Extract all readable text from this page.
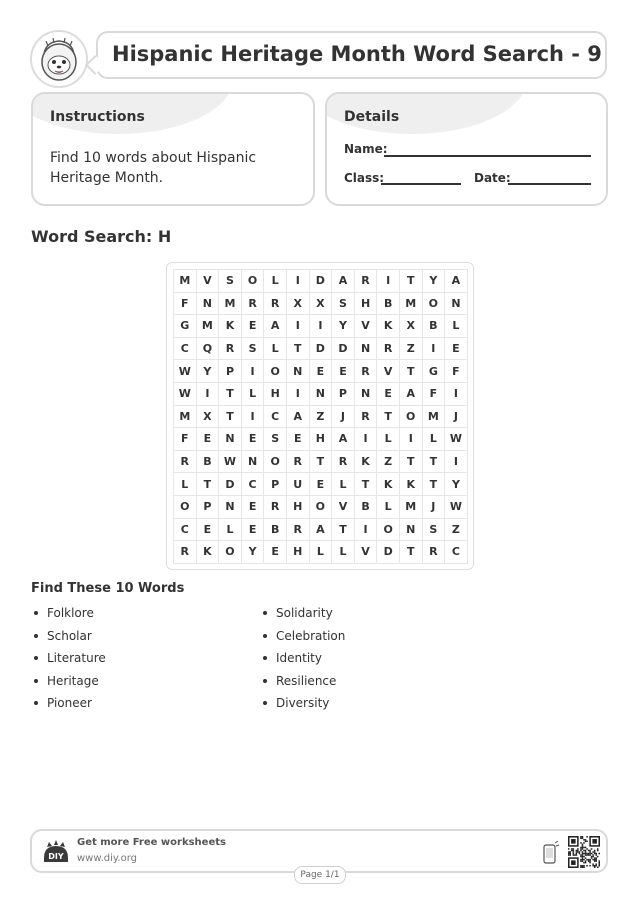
Hispanic Heritage Month Word Search - 9
Instructions
Find 10 words about Hispanic Heritage Month.
Details
Name:
Class:	Date:
Word Search: H
M	V	S	O	L	I	D	A	R	I	T	Y	A
F	N	M	R	R	X	X	S	H	B	M	O	N
G	M	K	E	A	I	I	Y	V	K	X	B	L
C	Q	R	S	L	T	D	D	N	R	Z	I	E
W	Y	P	I	O	N	E	E	R	V	T	G	F
W	I	T	L	H	I	N	P	N	E	A	F	I
M	X	T	I	C	A	Z	J	R	T	O	M	J
F	E	N	E	S	E	H	A	I	L	I	L	W
R	B	W	N	O	R	T	R	K	Z	T	T	I
L	T	D	C	P	U	E	L	T	K	K	T	Y
O	P	N	E	R	H	O	V	B	L	M	J	W
C	E	L	E	B	R	A	T	I	O	N	S	Z
R	K	O	Y	E	H	L	L	V	D	T	R	C
Find These 10 Words
Folklore
Scholar
Literature
Heritage
Pioneer
Solidarity
Celebration
Identity
Resilience
Diversity
DIY
Get more Free worksheets
www.diy.org
Page 1/1
